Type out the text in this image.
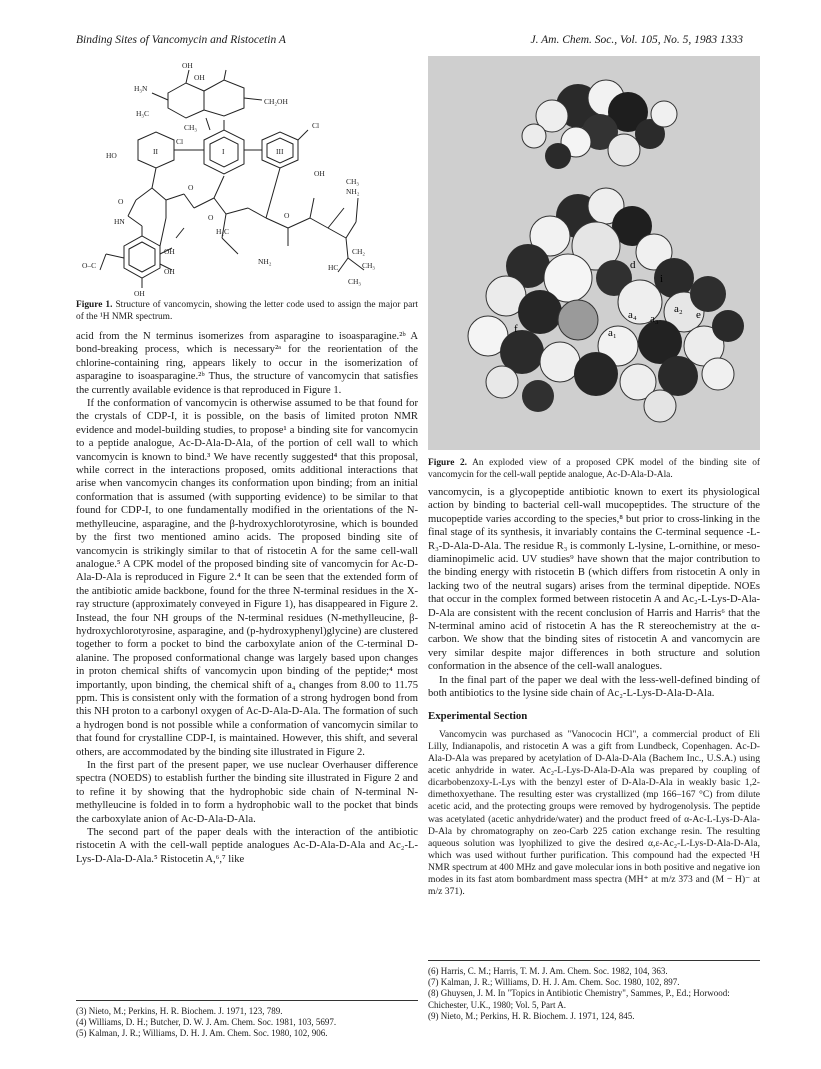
Binding Sites of Vancomycin and Ristocetin A	J. Am. Chem. Soc., Vol. 105, No. 5, 1983 1333
OH
OH
H₃N
H₃C
CH₂OH
CH₃
Cl
Cl
HO	II	I	III
OH
O
O
O	O
HN
NH₂
CH₃
NH₂
CH₂
HC	CH₃
CH₃
H₂C
OH
OH
OH
O–C

Figure 1. Structure of vancomycin, showing the letter code used to assign the major part of the ¹H NMR spectrum.

d
i
a₂
a₄ a₃
a₁
f
e

Figure 2. An exploded view of a proposed CPK model of the binding site of vancomycin for the cell-wall peptide analogue, Ac-D-Ala-D-Ala.

acid from the N terminus isomerizes from asparagine to isoasparagine.²ᵇ A bond-breaking process, which is necessary²ᵃ for the reorientation of the chlorine-containing ring, appears likely to occur in the isomerization of asparagine to isoasparagine.²ᵇ Thus, the structure of vancomycin that satisfies the currently available evidence is that reproduced in Figure 1.

If the conformation of vancomycin is otherwise assumed to be that found for the crystals of CDP-I, it is possible, on the basis of limited proton NMR evidence and model-building studies, to propose¹ a binding site for vancomycin to a peptide analogue, Ac-D-Ala-D-Ala, of the portion of cell wall to which vancomycin is known to bind.³ We have recently suggested⁴ that this proposal, while correct in the interactions proposed, omits additional interactions that arise when vancomycin changes its conformation upon binding; from an initial conformation that is assumed (with supporting evidence) to be similar to that found for CDP-I, to one fundamentally modified in the orientations of the N-methylleucine, asparagine, and the β-hydroxychlorotyrosine, which is bounded by the first two mentioned amino acids. The proposed binding site of vancomycin is strikingly similar to that of ristocetin A for the same cell-wall analogue.⁵ A CPK model of the proposed binding site of vancomycin for Ac-D-Ala-D-Ala is reproduced in Figure 2.⁴ It can be seen that the extended form of the antibiotic amide backbone, found for the three N-terminal residues in the X-ray structure (approximately conveyed in Figure 1), has disappeared in Figure 2. Instead, the four NH groups of the N-terminal residues (N-methylleucine, β-hydroxychlorotyrosine, asparagine, and (p-hydroxyphenyl)glycine) are clustered together to form a pocket to bind the carboxylate anion of the C-terminal D-alanine. The proposed conformational change was largely based upon changes in proton chemical shifts of vancomycin upon binding of the peptide;⁴ most importantly, upon binding, the chemical shift of a₄ changes from 8.00 to 11.75 ppm. This is consistent only with the formation of a strong hydrogen bond from this NH proton to a carbonyl oxygen of Ac-D-Ala-D-Ala. The formation of such a hydrogen bond is not possible while a conformation of vancomycin similar to that found for crystalline CDP-I, is maintained. However, this shift, and several others, are accommodated by the binding site illustrated in Figure 2.

In the first part of the present paper, we use nuclear Overhauser difference spectra (NOEDS) to establish further the binding site illustrated in Figure 2 and to refine it by showing that the hydrophobic side chain of N-terminal N-methylleucine is folded in to form a hydrophobic wall to the pocket that binds the carboxylate anion of Ac-D-Ala-D-Ala.

The second part of the paper deals with the interaction of the antibiotic ristocetin A with the cell-wall peptide analogues Ac-D-Ala-D-Ala and Ac₂-L-Lys-D-Ala-D-Ala.⁵ Ristocetin A,⁶,⁷ like

vancomycin, is a glycopeptide antibiotic known to exert its physiological action by binding to bacterial cell-wall mucopeptides. The structure of the mucopeptide varies according to the species,⁸ but prior to cross-linking in the final stage of its synthesis, it invariably contains the C-terminal sequence -L-R₃-D-Ala-D-Ala. The residue R₃ is commonly L-lysine, L-ornithine, or meso-diaminopimelic acid. UV studies⁹ have shown that the major contribution to the binding energy with ristocetin B (which differs from ristocetin A only in lacking two of the neutral sugars) arises from the terminal dipeptide. NOEs that occur in the complex formed between ristocetin A and Ac₂-L-Lys-D-Ala-D-Ala are consistent with the recent conclusion of Harris and Harris⁶ that the N-terminal amino acid of ristocetin A has the R stereochemistry at the α-carbon. We show that the binding sites of ristocetin A and vancomycin are very similar despite major differences in both structure and solution conformation in the absence of the cell-wall analogues.

In the final part of the paper we deal with the less-well-defined binding of both antibiotics to the lysine side chain of Ac₂-L-Lys-D-Ala-D-Ala.

Experimental Section

Vancomycin was purchased as "Vanococin HCl", a commercial product of Eli Lilly, Indianapolis, and ristocetin A was a gift from Lundbeck, Copenhagen. Ac-D-Ala-D-Ala was prepared by acetylation of D-Ala-D-Ala (Bachem Inc., U.S.A.) using acetic anhydride in water. Ac₂-L-Lys-D-Ala-D-Ala was prepared by coupling of dicarbobenzoxy-L-Lys with the benzyl ester of D-Ala-D-Ala in weakly basic 1,2-dimethoxyethane. The resulting ester was crystallized (mp 166–167 °C) from dilute acetic acid, and the protecting groups were removed by hydrogenolysis. The peptide was acetylated (acetic anhydride/water) and the product freed of α-Ac-L-Lys-D-Ala-D-Ala by chromatography on zeo-Carb 225 cation exchange resin. The resulting aqueous solution was lyophilized to give the desired α,ε-Ac₂-L-Lys-D-Ala-D-Ala, which was used without further purification. This compound had the expected ¹H NMR spectrum at 400 MHz and gave molecular ions in both positive and negative ion modes in its fast atom bombardment mass spectra (MH⁺ at m/z 373 and (M − H)⁻ at m/z 371).

(3) Nieto, M.; Perkins, H. R. Biochem. J. 1971, 123, 789.
(4) Williams, D. H.; Butcher, D. W. J. Am. Chem. Soc. 1981, 103, 5697.
(5) Kalman, J. R.; Williams, D. H. J. Am. Chem. Soc. 1980, 102, 906.
(6) Harris, C. M.; Harris, T. M. J. Am. Chem. Soc. 1982, 104, 363.
(7) Kalman, J. R.; Williams, D. H. J. Am. Chem. Soc. 1980, 102, 897.
(8) Ghuysen, J. M. In "Topics in Antibiotic Chemistry", Sammes, P., Ed.; Horwood: Chichester, U.K., 1980; Vol. 5, Part A.
(9) Nieto, M.; Perkins, H. R. Biochem. J. 1971, 124, 845.
